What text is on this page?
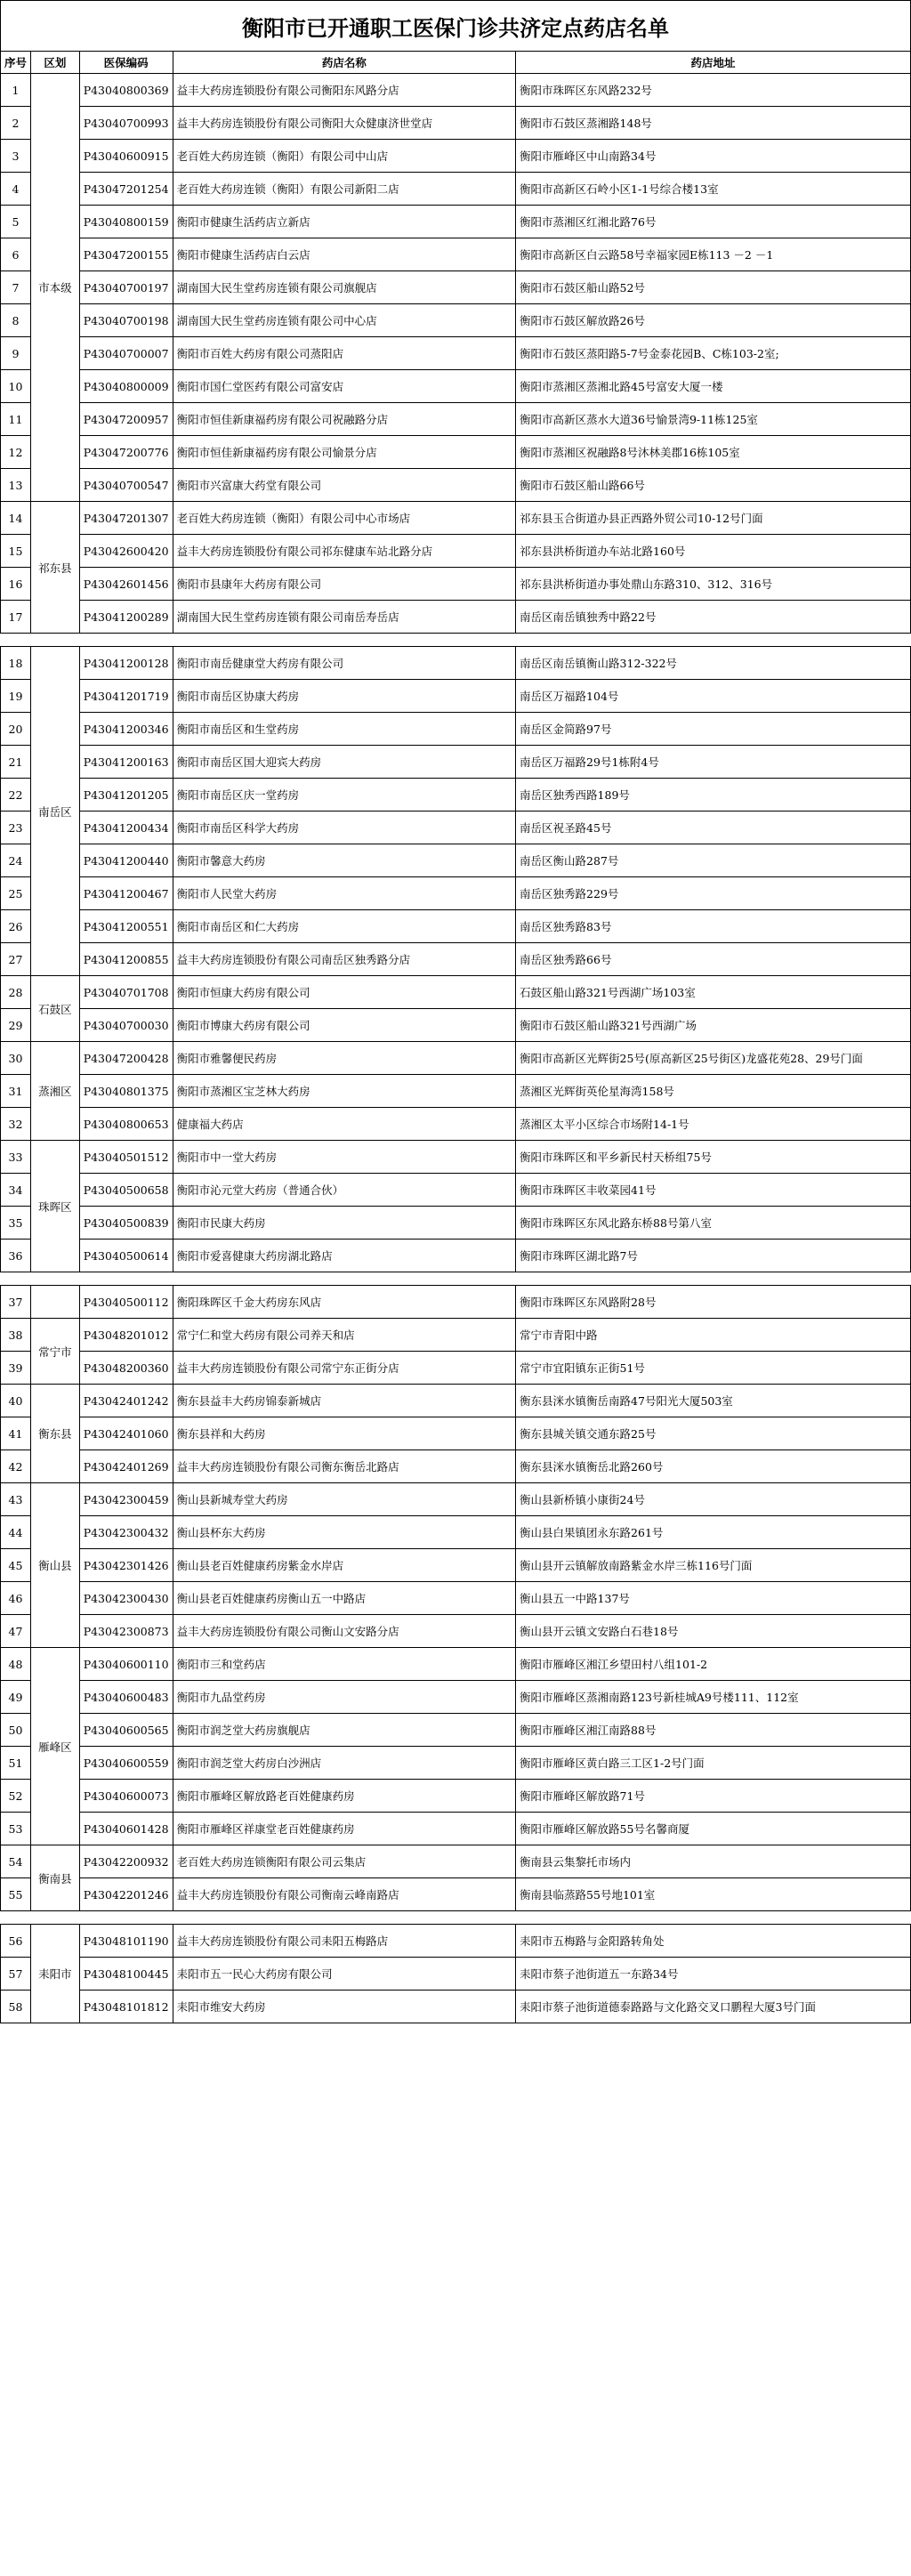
衡阳市已开通职工医保门诊共济定点药店名单				
序号	区划	医保编码	药店名称	药店地址
1	市本级	P43040800369	益丰大药房连锁股份有限公司衡阳东风路分店	衡阳市珠晖区东风路232号
2		P43040700993	益丰大药房连锁股份有限公司衡阳大众健康济世堂店	衡阳市石鼓区蒸湘路148号
3		P43040600915	老百姓大药房连锁（衡阳）有限公司中山店	衡阳市雁峰区中山南路34号
4		P43047201254	老百姓大药房连锁（衡阳）有限公司新阳二店	衡阳市高新区石岭小区1-1号综合楼13室
5		P43040800159	衡阳市健康生活药店立新店	衡阳市蒸湘区红湘北路76号
6		P43047200155	衡阳市健康生活药店白云店	衡阳市高新区白云路58号幸福家园E栋113 －2 －1
7		P43040700197	湖南国大民生堂药房连锁有限公司旗舰店	衡阳市石鼓区船山路52号
8		P43040700198	湖南国大民生堂药房连锁有限公司中心店	衡阳市石鼓区解放路26号
9		P43040700007	衡阳市百姓大药房有限公司蒸阳店	衡阳市石鼓区蒸阳路5-7号金泰花园B、C栋103-2室;
10		P43040800009	衡阳市国仁堂医药有限公司富安店	衡阳市蒸湘区蒸湘北路45号富安大厦一楼
11		P43047200957	衡阳市恒佳新康福药房有限公司祝融路分店	衡阳市高新区蒸水大道36号愉景湾9-11栋125室
12		P43047200776	衡阳市恒佳新康福药房有限公司愉景分店	衡阳市蒸湘区祝融路8号沐林美郡16栋105室
13		P43040700547	衡阳市兴富康大药堂有限公司	衡阳市石鼓区船山路66号
14	祁东县	P43047201307	老百姓大药房连锁（衡阳）有限公司中心市场店	祁东县玉合街道办县正西路外贸公司10-12号门面
15		P43042600420	益丰大药房连锁股份有限公司祁东健康车站北路分店	祁东县洪桥街道办车站北路160号
16		P43042601456	衡阳市县康年大药房有限公司	祁东县洪桥街道办事处鼎山东路310、312、316号
17		P43041200289	湖南国大民生堂药房连锁有限公司南岳寿岳店	南岳区南岳镇独秀中路22号

18	南岳区	P43041200128	衡阳市南岳健康堂大药房有限公司	南岳区南岳镇衡山路312-322号
19		P43041201719	衡阳市南岳区协康大药房	南岳区万福路104号
20		P43041200346	衡阳市南岳区和生堂药房	南岳区金简路97号
21		P43041200163	衡阳市南岳区国大迎宾大药房	南岳区万福路29号1栋附4号
22		P43041201205	衡阳市南岳区庆一堂药房	南岳区独秀西路189号
23		P43041200434	衡阳市南岳区科学大药房	南岳区祝圣路45号
24		P43041200440	衡阳市馨意大药房	南岳区衡山路287号
25		P43041200467	衡阳市人民堂大药房	南岳区独秀路229号
26		P43041200551	衡阳市南岳区和仁大药房	南岳区独秀路83号
27		P43041200855	益丰大药房连锁股份有限公司南岳区独秀路分店	南岳区独秀路66号
28	石鼓区	P43040701708	衡阳市恒康大药房有限公司	石鼓区船山路321号西湖广场103室
29		P43040700030	衡阳市博康大药房有限公司	衡阳市石鼓区船山路321号西湖广场
30	蒸湘区	P43047200428	衡阳市雅馨便民药房	衡阳市高新区光辉街25号(原高新区25号街区)龙盛花苑28、29号门面
31		P43040801375	衡阳市蒸湘区宝芝林大药房	蒸湘区光辉街英伦星海湾158号
32		P43040800653	健康福大药店	蒸湘区太平小区综合市场附14-1号
33	珠晖区	P43040501512	衡阳市中一堂大药房	衡阳市珠晖区和平乡新民村天桥组75号
34		P43040500658	衡阳市沁元堂大药房（普通合伙）	衡阳市珠晖区丰收菜园41号
35		P43040500839	衡阳市民康大药房	衡阳市珠晖区东风北路东桥88号第八室
36		P43040500614	衡阳市爱喜健康大药房湖北路店	衡阳市珠晖区湖北路7号

37		P43040500112	衡阳珠晖区千金大药房东风店	衡阳市珠晖区东风路附28号
38	常宁市	P43048201012	常宁仁和堂大药房有限公司养天和店	常宁市青阳中路
39		P43048200360	益丰大药房连锁股份有限公司常宁东正街分店	常宁市宜阳镇东正街51号
40	衡东县	P43042401242	衡东县益丰大药房锦泰新城店	衡东县洣水镇衡岳南路47号阳光大厦503室
41		P43042401060	衡东县祥和大药房	衡东县城关镇交通东路25号
42		P43042401269	益丰大药房连锁股份有限公司衡东衡岳北路店	衡东县洣水镇衡岳北路260号
43	衡山县	P43042300459	衡山县新城寿堂大药房	衡山县新桥镇小康街24号
44		P43042300432	衡山县杯东大药房	衡山县白果镇团永东路261号
45		P43042301426	衡山县老百姓健康药房紫金水岸店	衡山县开云镇解放南路紫金水岸三栋116号门面
46		P43042300430	衡山县老百姓健康药房衡山五一中路店	衡山县五一中路137号
47		P43042300873	益丰大药房连锁股份有限公司衡山文安路分店	衡山县开云镇文安路白石巷18号
48	雁峰区	P43040600110	衡阳市三和堂药店	衡阳市雁峰区湘江乡望田村八组101-2
49		P43040600483	衡阳市九品堂药房	衡阳市雁峰区蒸湘南路123号新桂城A9号楼111、112室
50		P43040600565	衡阳市润芝堂大药房旗舰店	衡阳市雁峰区湘江南路88号
51		P43040600559	衡阳市润芝堂大药房白沙洲店	衡阳市雁峰区黄白路三工区1-2号门面
52		P43040600073	衡阳市雁峰区解放路老百姓健康药房	衡阳市雁峰区解放路71号
53		P43040601428	衡阳市雁峰区祥康堂老百姓健康药房	衡阳市雁峰区解放路55号名馨商厦
54	衡南县	P43042200932	老百姓大药房连锁衡阳有限公司云集店	衡南县云集黎托市场内
55		P43042201246	益丰大药房连锁股份有限公司衡南云峰南路店	衡南县临蒸路55号地101室

56	耒阳市	P43048101190	益丰大药房连锁股份有限公司耒阳五梅路店	耒阳市五梅路与金阳路转角处
57		P43048100445	耒阳市五一民心大药房有限公司	耒阳市蔡子池街道五一东路34号
58		P43048101812	耒阳市维安大药房	耒阳市蔡子池街道德泰路路与文化路交叉口鹏程大厦3号门面
